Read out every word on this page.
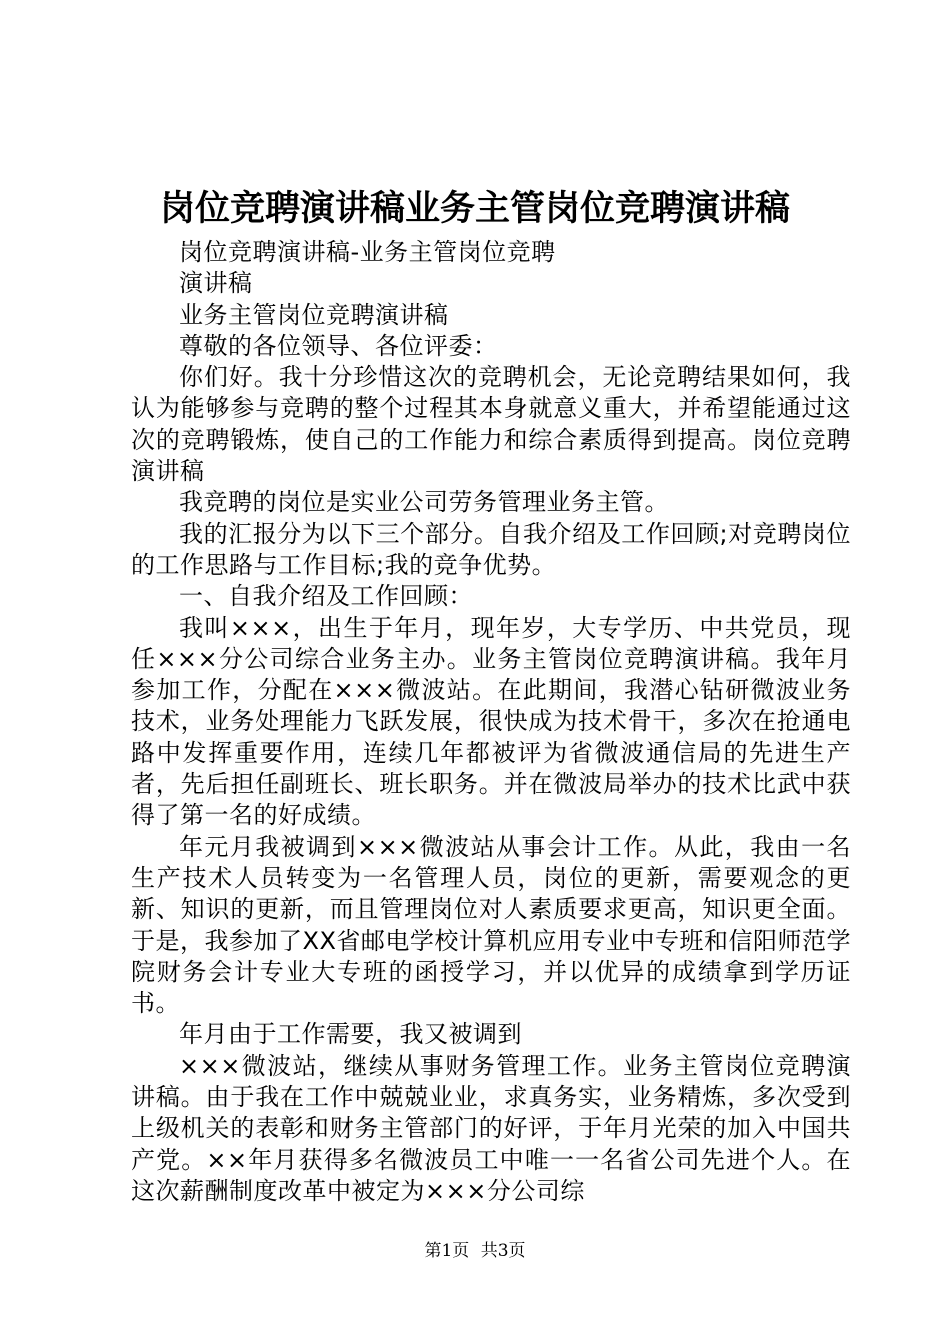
岗位竞聘演讲稿业务主管岗位竞聘演讲稿

岗位竞聘演讲稿-业务主管岗位竞聘

演讲稿

业务主管岗位竞聘演讲稿

尊敬的各位领导、各位评委：

你们好。我十分珍惜这次的竞聘机会，无论竞聘结果如何，我认为能够参与竞聘的整个过程其本身就意义重大，并希望能通过这次的竞聘锻炼，使自己的工作能力和综合素质得到提高。岗位竞聘演讲稿

我竞聘的岗位是实业公司劳务管理业务主管。

我的汇报分为以下三个部分。自我介绍及工作回顾;对竞聘岗位的工作思路与工作目标;我的竞争优势。

一、自我介绍及工作回顾：

我叫×××，出生于年月，现年岁，大专学历、中共党员，现任×××分公司综合业务主办。业务主管岗位竞聘演讲稿。我年月参加工作，分配在×××微波站。在此期间，我潜心钻研微波业务技术，业务处理能力飞跃发展，很快成为技术骨干，多次在抢通电路中发挥重要作用，连续几年都被评为省微波通信局的先进生产者，先后担任副班长、班长职务。并在微波局举办的技术比武中获得了第一名的好成绩。

年元月我被调到×××微波站从事会计工作。从此，我由一名生产技术人员转变为一名管理人员，岗位的更新，需要观念的更新、知识的更新，而且管理岗位对人素质要求更高，知识更全面。于是，我参加了XX省邮电学校计算机应用专业中专班和信阳师范学院财务会计专业大专班的函授学习，并以优异的成绩拿到学历证书。

年月由于工作需要，我又被调到

×××微波站，继续从事财务管理工作。业务主管岗位竞聘演讲稿。由于我在工作中兢兢业业，求真务实，业务精炼，多次受到上级机关的表彰和财务主管部门的好评，于年月光荣的加入中国共产党。××年月获得多名微波员工中唯一一名省公司先进个人。在这次薪酬制度改革中被定为×××分公司综

第1页 共3页
